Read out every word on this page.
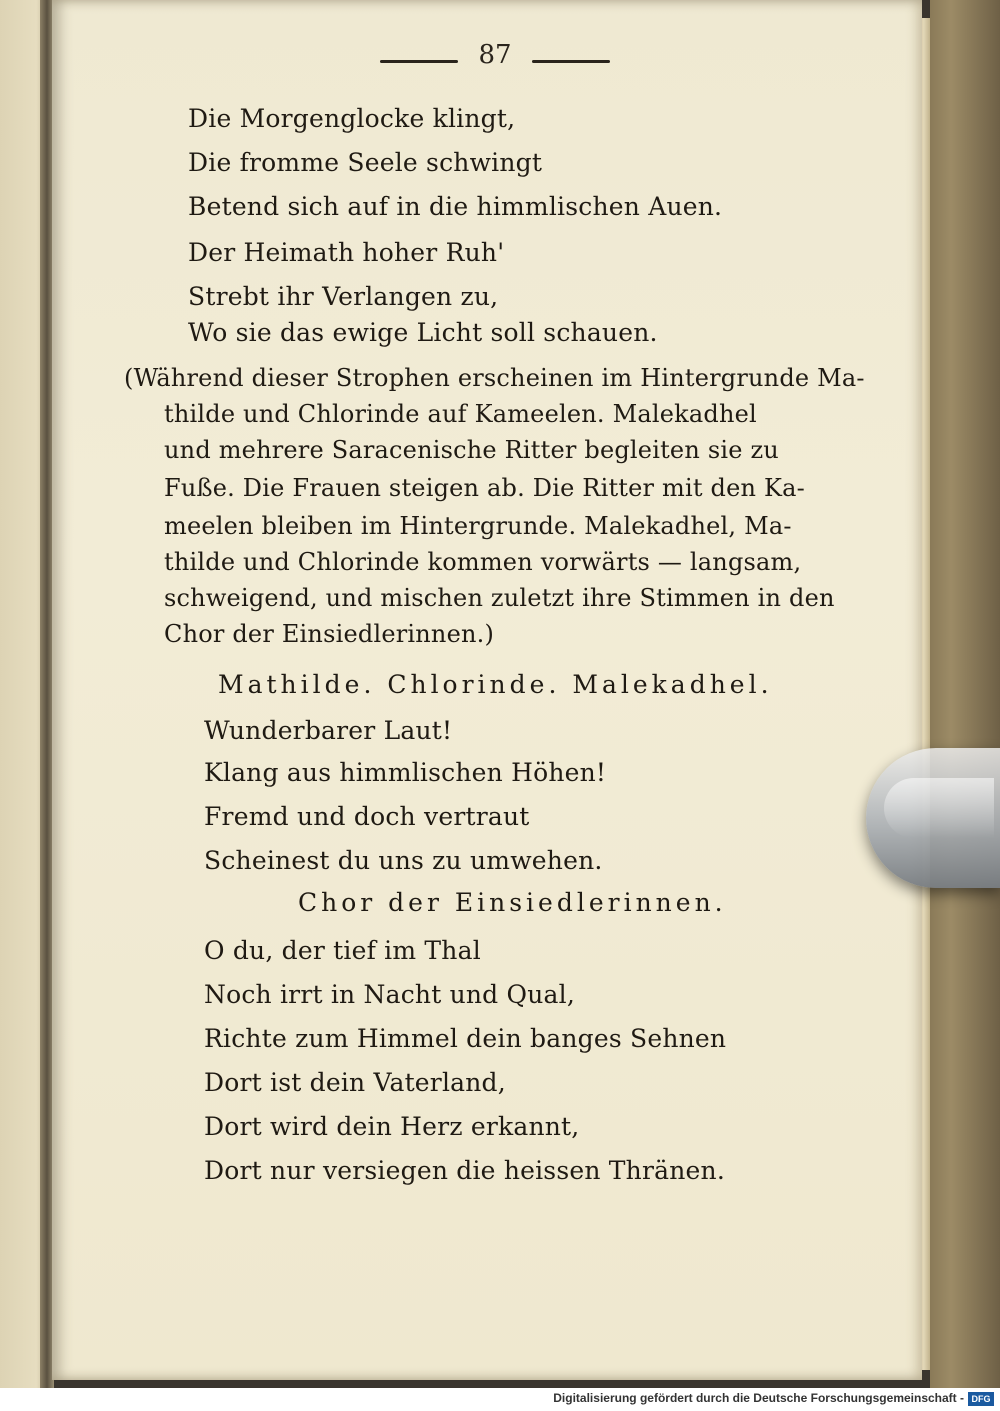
87
Die Morgenglocke klingt,
Die fromme Seele schwingt
Betend sich auf in die himmlischen Auen.
Der Heimath hoher Ruh'
Strebt ihr Verlangen zu,
Wo sie das ewige Licht soll schauen.
(Während dieser Strophen erscheinen im Hintergrunde Ma-
thilde und Chlorinde auf Kameelen. Malekadhel
und mehrere Saracenische Ritter begleiten sie zu
Fuße. Die Frauen steigen ab. Die Ritter mit den Ka-
meelen bleiben im Hintergrunde. Malekadhel, Ma-
thilde und Chlorinde kommen vorwärts — langsam,
schweigend, und mischen zuletzt ihre Stimmen in den
Chor der Einsiedlerinnen.)
Mathilde. Chlorinde. Malekadhel.
Wunderbarer Laut!
Klang aus himmlischen Höhen!
Fremd und doch vertraut
Scheinest du uns zu umwehen.
Chor der Einsiedlerinnen.
O du, der tief im Thal
Noch irrt in Nacht und Qual,
Richte zum Himmel dein banges Sehnen
Dort ist dein Vaterland,
Dort wird dein Herz erkannt,
Dort nur versiegen die heissen Thränen.
Digitalisierung gefördert durch die Deutsche Forschungsgemeinschaft - DFG
